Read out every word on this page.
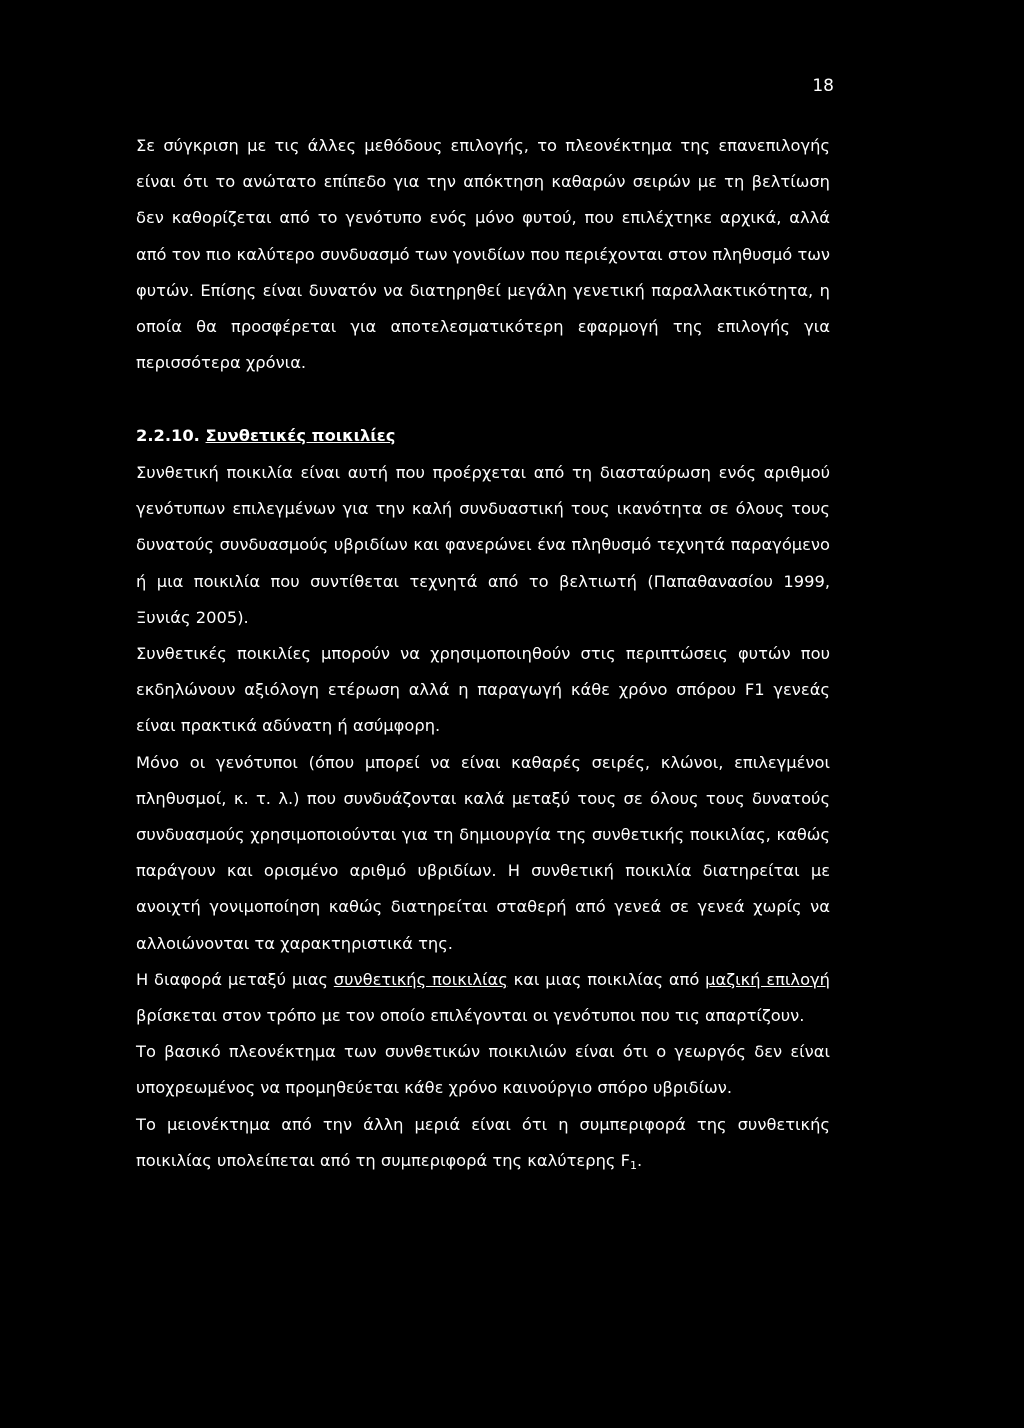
18

Σε σύγκριση με τις άλλες μεθόδους επιλογής, το πλεονέκτημα της επανεπιλογής είναι ότι το ανώτατο επίπεδο για την απόκτηση καθαρών σειρών με τη βελτίωση δεν καθορίζεται από το γενότυπο ενός μόνο φυτού, που επιλέχτηκε αρχικά, αλλά από τον πιο καλύτερο συνδυασμό των γονιδίων που περιέχονται στον πληθυσμό των φυτών. Επίσης είναι δυνατόν να διατηρηθεί μεγάλη γενετική παραλλακτικότητα, η οποία θα προσφέρεται για αποτελεσματικότερη εφαρμογή της επιλογής για περισσότερα χρόνια.

2.2.10. Συνθετικές ποικιλίες

Συνθετική ποικιλία είναι αυτή που προέρχεται από τη διασταύρωση ενός αριθμού γενότυπων επιλεγμένων για την καλή συνδυαστική τους ικανότητα σε όλους τους δυνατούς συνδυασμούς υβριδίων και φανερώνει ένα πληθυσμό τεχνητά παραγόμενο ή μια ποικιλία που συντίθεται τεχνητά από το βελτιωτή (Παπαθανασίου 1999, Ξυνιάς 2005).

Συνθετικές ποικιλίες μπορούν να χρησιμοποιηθούν στις περιπτώσεις φυτών που εκδηλώνουν αξιόλογη ετέρωση αλλά η παραγωγή κάθε χρόνο σπόρου F1 γενεάς είναι πρακτικά αδύνατη ή ασύμφορη.

Μόνο οι γενότυποι (όπου μπορεί να είναι καθαρές σειρές, κλώνοι, επιλεγμένοι πληθυσμοί, κ. τ. λ.) που συνδυάζονται καλά μεταξύ τους σε όλους τους δυνατούς συνδυασμούς χρησιμοποιούνται για τη δημιουργία της συνθετικής ποικιλίας, καθώς παράγουν και ορισμένο αριθμό υβριδίων. Η συνθετική ποικιλία διατηρείται με ανοιχτή γονιμοποίηση καθώς διατηρείται σταθερή από γενεά σε γενεά χωρίς να αλλοιώνονται τα χαρακτηριστικά της.

Η διαφορά μεταξύ μιας συνθετικής ποικιλίας και μιας ποικιλίας από μαζική επιλογή βρίσκεται στον τρόπο με τον οποίο επιλέγονται οι γενότυποι που τις απαρτίζουν.

Το βασικό πλεονέκτημα των συνθετικών ποικιλιών είναι ότι ο γεωργός δεν είναι υποχρεωμένος να προμηθεύεται κάθε χρόνο καινούργιο σπόρο υβριδίων.

Το μειονέκτημα από την άλλη μεριά είναι ότι η συμπεριφορά της συνθετικής ποικιλίας υπολείπεται από τη συμπεριφορά της καλύτερης $F_1$.
